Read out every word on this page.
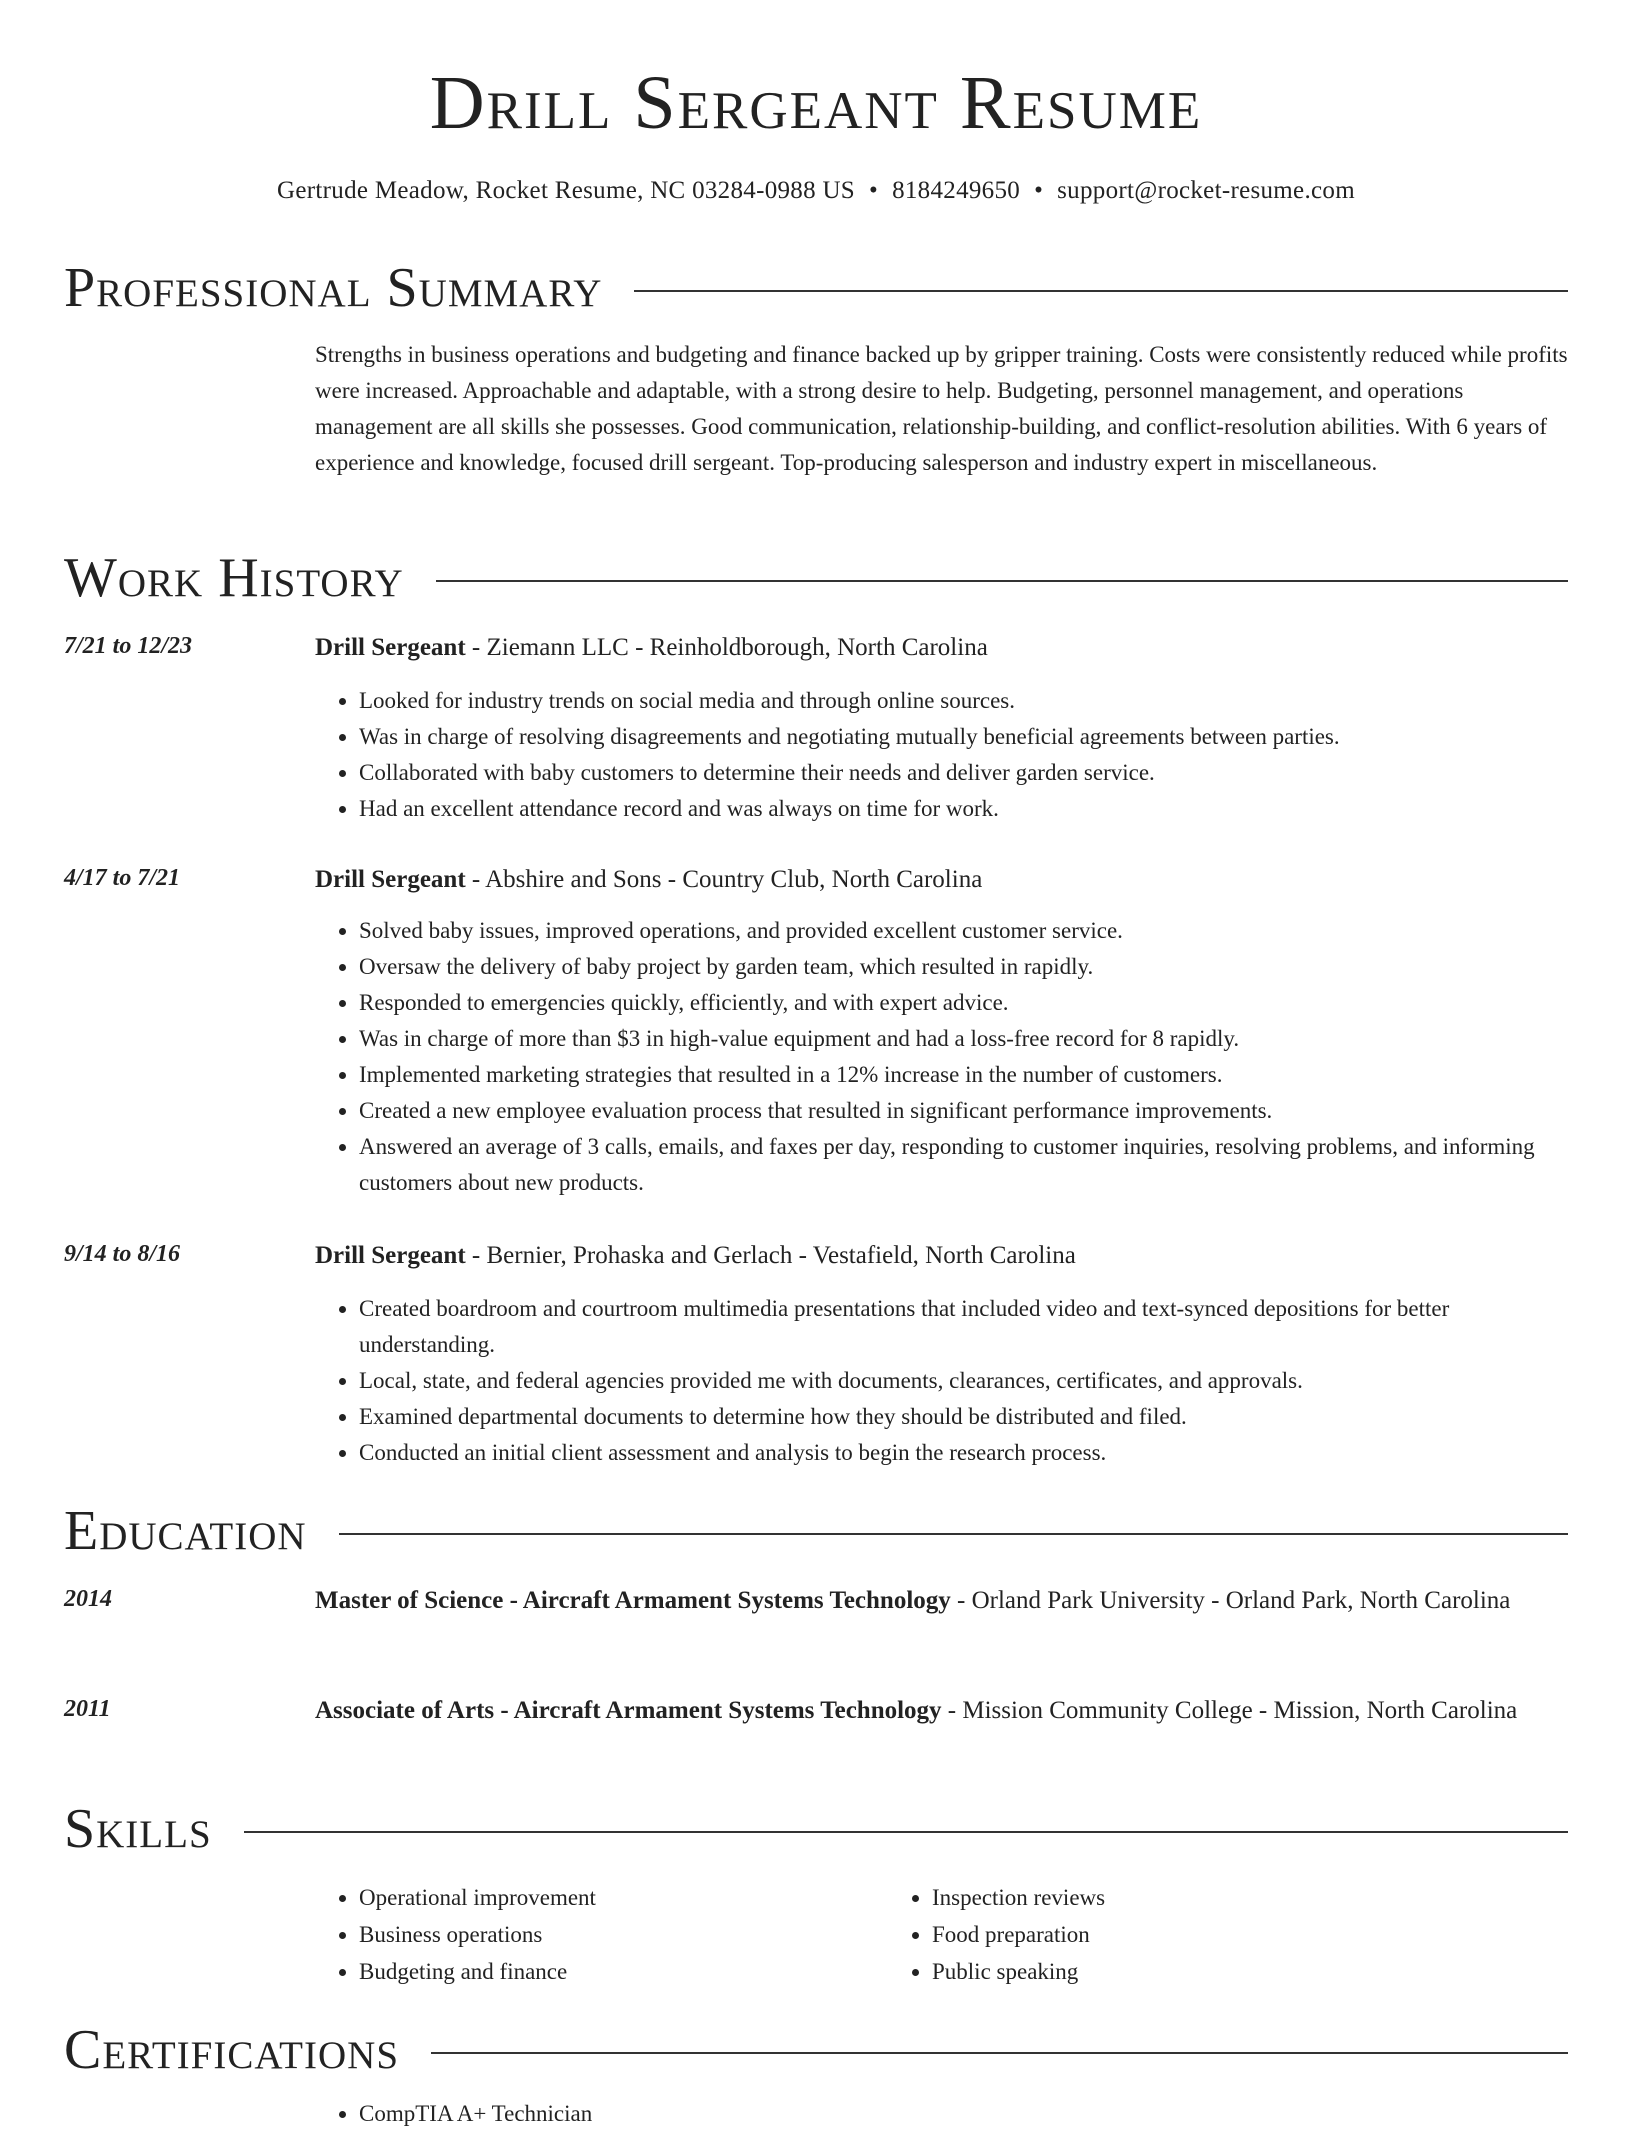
Drill Sergeant Resume
Gertrude Meadow, Rocket Resume, NC 03284-0988 US • 8184249650 • support@rocket-resume.com
Professional Summary

Strengths in business operations and budgeting and finance backed up by gripper training. Costs were consistently reduced while profits were increased. Approachable and adaptable, with a strong desire to help. Budgeting, personnel management, and operations management are all skills she possesses. Good communication, relationship-building, and conflict-resolution abilities. With 6 years of experience and knowledge, focused drill sergeant. Top-producing salesperson and industry expert in miscellaneous.

Work History
7/21 to 12/23	Drill Sergeant - Ziemann LLC - Reinholdborough, North Carolina
• Looked for industry trends on social media and through online sources.
• Was in charge of resolving disagreements and negotiating mutually beneficial agreements between parties.
• Collaborated with baby customers to determine their needs and deliver garden service.
• Had an excellent attendance record and was always on time for work.
4/17 to 7/21	Drill Sergeant - Abshire and Sons - Country Club, North Carolina
• Solved baby issues, improved operations, and provided excellent customer service.
• Oversaw the delivery of baby project by garden team, which resulted in rapidly.
• Responded to emergencies quickly, efficiently, and with expert advice.
• Was in charge of more than $3 in high-value equipment and had a loss-free record for 8 rapidly.
• Implemented marketing strategies that resulted in a 12% increase in the number of customers.
• Created a new employee evaluation process that resulted in significant performance improvements.
• Answered an average of 3 calls, emails, and faxes per day, responding to customer inquiries, resolving problems, and informing customers about new products.
9/14 to 8/16	Drill Sergeant - Bernier, Prohaska and Gerlach - Vestafield, North Carolina
• Created boardroom and courtroom multimedia presentations that included video and text-synced depositions for better understanding.
• Local, state, and federal agencies provided me with documents, clearances, certificates, and approvals.
• Examined departmental documents to determine how they should be distributed and filed.
• Conducted an initial client assessment and analysis to begin the research process.
Education
2014	Master of Science - Aircraft Armament Systems Technology - Orland Park University - Orland Park, North Carolina
2011	Associate of Arts - Aircraft Armament Systems Technology - Mission Community College - Mission, North Carolina
Skills
• Operational improvement
• Business operations
• Budgeting and finance
• Inspection reviews
• Food preparation
• Public speaking
Certifications
• CompTIA A+ Technician
